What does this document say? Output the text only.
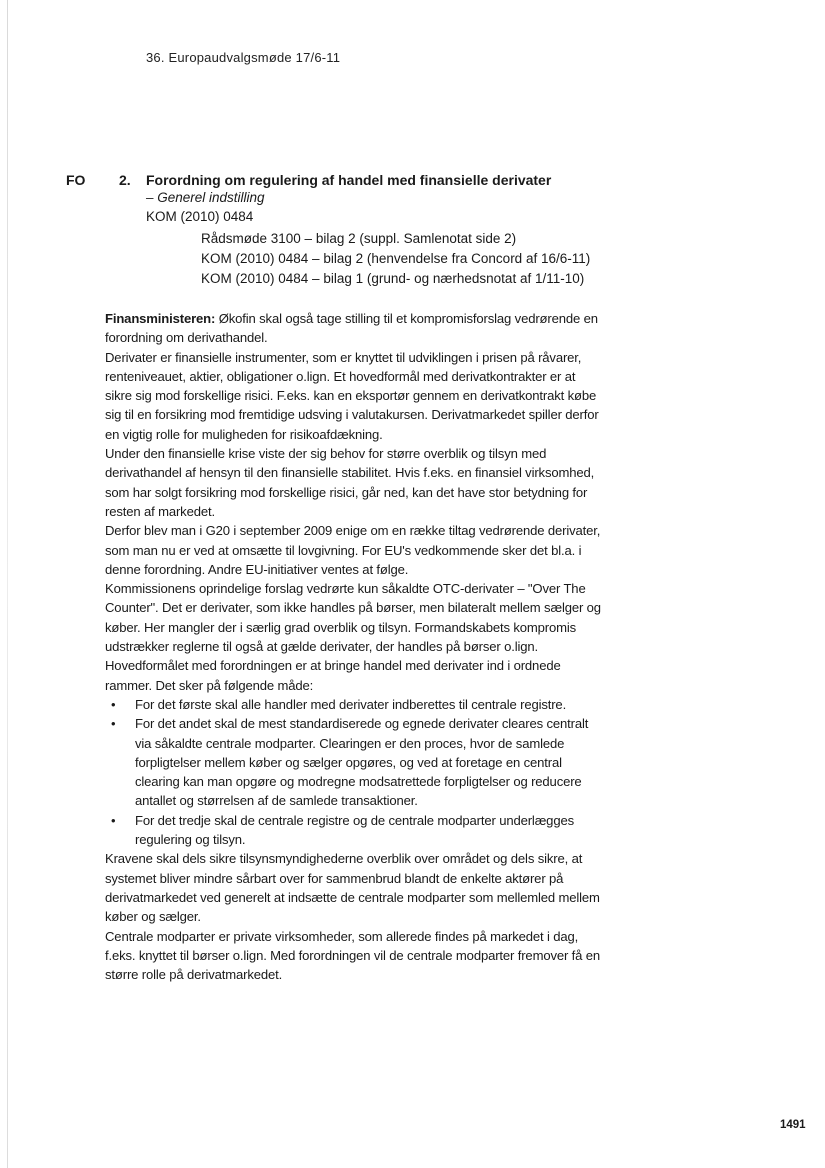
36. Europaudvalgsmøde 17/6-11
FO 2. Forordning om regulering af handel med finansielle derivater
– Generel indstilling
KOM (2010) 0484
Rådsmøde 3100 – bilag 2 (suppl. Samlenotat side 2)
KOM (2010) 0484 – bilag 2 (henvendelse fra Concord af 16/6-11)
KOM (2010) 0484 – bilag 1 (grund- og nærhedsnotat af 1/11-10)

Finansministeren: Økofin skal også tage stilling til et kompromisforslag vedrørende en forordning om derivathandel.

Derivater er finansielle instrumenter, som er knyttet til udviklingen i prisen på råvarer, renteniveauet, aktier, obligationer o.lign. Et hovedformål med derivatkontrakter er at sikre sig mod forskellige risici. F.eks. kan en eksportør gennem en derivatkontrakt købe sig til en forsikring mod fremtidige udsving i valutakursen. Derivatmarkedet spiller derfor en vigtig rolle for muligheden for risikoafdækning.

Under den finansielle krise viste der sig behov for større overblik og tilsyn med derivathandel af hensyn til den finansielle stabilitet. Hvis f.eks. en finansiel virksomhed, som har solgt forsikring mod forskellige risici, går ned, kan det have stor betydning for resten af markedet.

Derfor blev man i G20 i september 2009 enige om en række tiltag vedrørende derivater, som man nu er ved at omsætte til lovgivning. For EU's vedkommende sker det bl.a. i denne forordning. Andre EU-initiativer ventes at følge.

Kommissionens oprindelige forslag vedrørte kun såkaldte OTC-derivater – "Over The Counter". Det er derivater, som ikke handles på børser, men bilateralt mellem sælger og køber. Her mangler der i særlig grad overblik og tilsyn. Formandskabets kompromis udstrækker reglerne til også at gælde derivater, der handles på børser o.lign.

Hovedformålet med forordningen er at bringe handel med derivater ind i ordnede rammer. Det sker på følgende måde:

• For det første skal alle handler med derivater indberettes til centrale registre.
• For det andet skal de mest standardiserede og egnede derivater cleares centralt via såkaldte centrale modparter. Clearingen er den proces, hvor de samlede forpligtelser mellem køber og sælger opgøres, og ved at foretage en central clearing kan man opgøre og modregne modsatrettede forpligtelser og reducere antallet og størrelsen af de samlede transaktioner.
• For det tredje skal de centrale registre og de centrale modparter underlægges regulering og tilsyn.

Kravene skal dels sikre tilsynsmyndighederne overblik over området og dels sikre, at systemet bliver mindre sårbart over for sammenbrud blandt de enkelte aktører på derivatmarkedet ved generelt at indsætte de centrale modparter som mellemled mellem køber og sælger.

Centrale modparter er private virksomheder, som allerede findes på markedet i dag, f.eks. knyttet til børser o.lign. Med forordningen vil de centrale modparter fremover få en større rolle på derivatmarkedet.

1491
